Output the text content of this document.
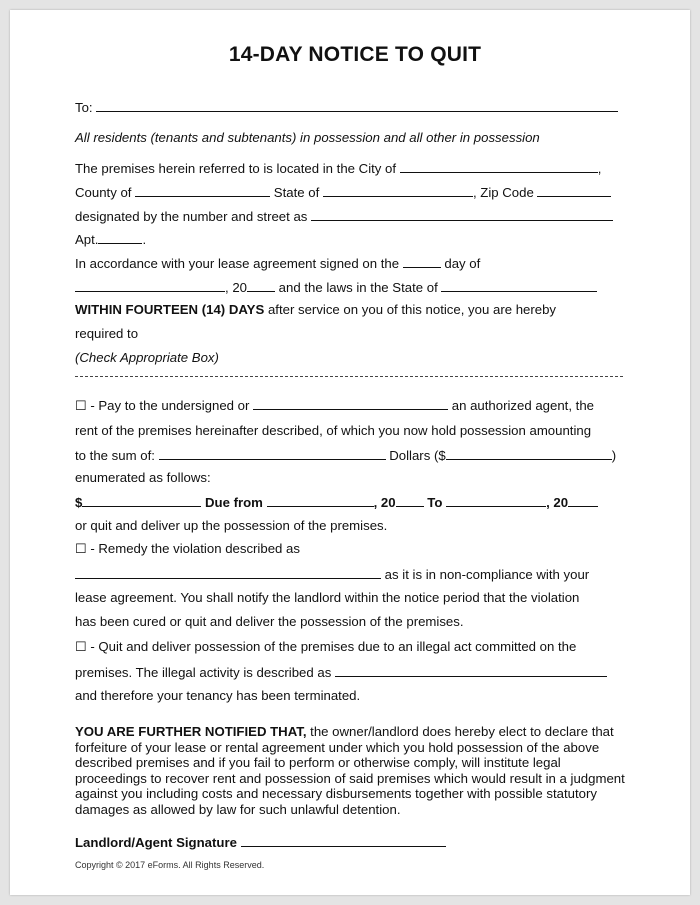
14-DAY NOTICE TO QUIT
To:
All residents (tenants and subtenants) in possession and all other in possession
The premises herein referred to is located in the City of	,
County of	State of	, Zip Code
designated by the number and street as
Apt.	.
In accordance with your lease agreement signed on the	day of
, 20 and the laws in the State of
WITHIN FOURTEEN (14) DAYS after service on you of this notice, you are hereby
required to
(Check Appropriate Box)
☐ - Pay to the undersigned or	an authorized agent, the
rent of the premises hereinafter described, of which you now hold possession amounting
to the sum of:	Dollars ($	)
enumerated as follows:
$	Due from	, 20 To	, 20
or quit and deliver up the possession of the premises.
☐ - Remedy the violation described as
as it is in non-compliance with your
lease agreement. You shall notify the landlord within the notice period that the violation
has been cured or quit and deliver the possession of the premises.
☐ - Quit and deliver possession of the premises due to an illegal act committed on the
premises. The illegal activity is described as
and therefore your tenancy has been terminated.
YOU ARE FURTHER NOTIFIED THAT, the owner/landlord does hereby elect to declare that forfeiture of your lease or rental agreement under which you hold possession of the above described premises and if you fail to perform or otherwise comply, will institute legal proceedings to recover rent and possession of said premises which would result in a judgment against you including costs and necessary disbursements together with possible statutory damages as allowed by law for such unlawful detention.
Landlord/Agent Signature
Copyright © 2017 eForms. All Rights Reserved.
